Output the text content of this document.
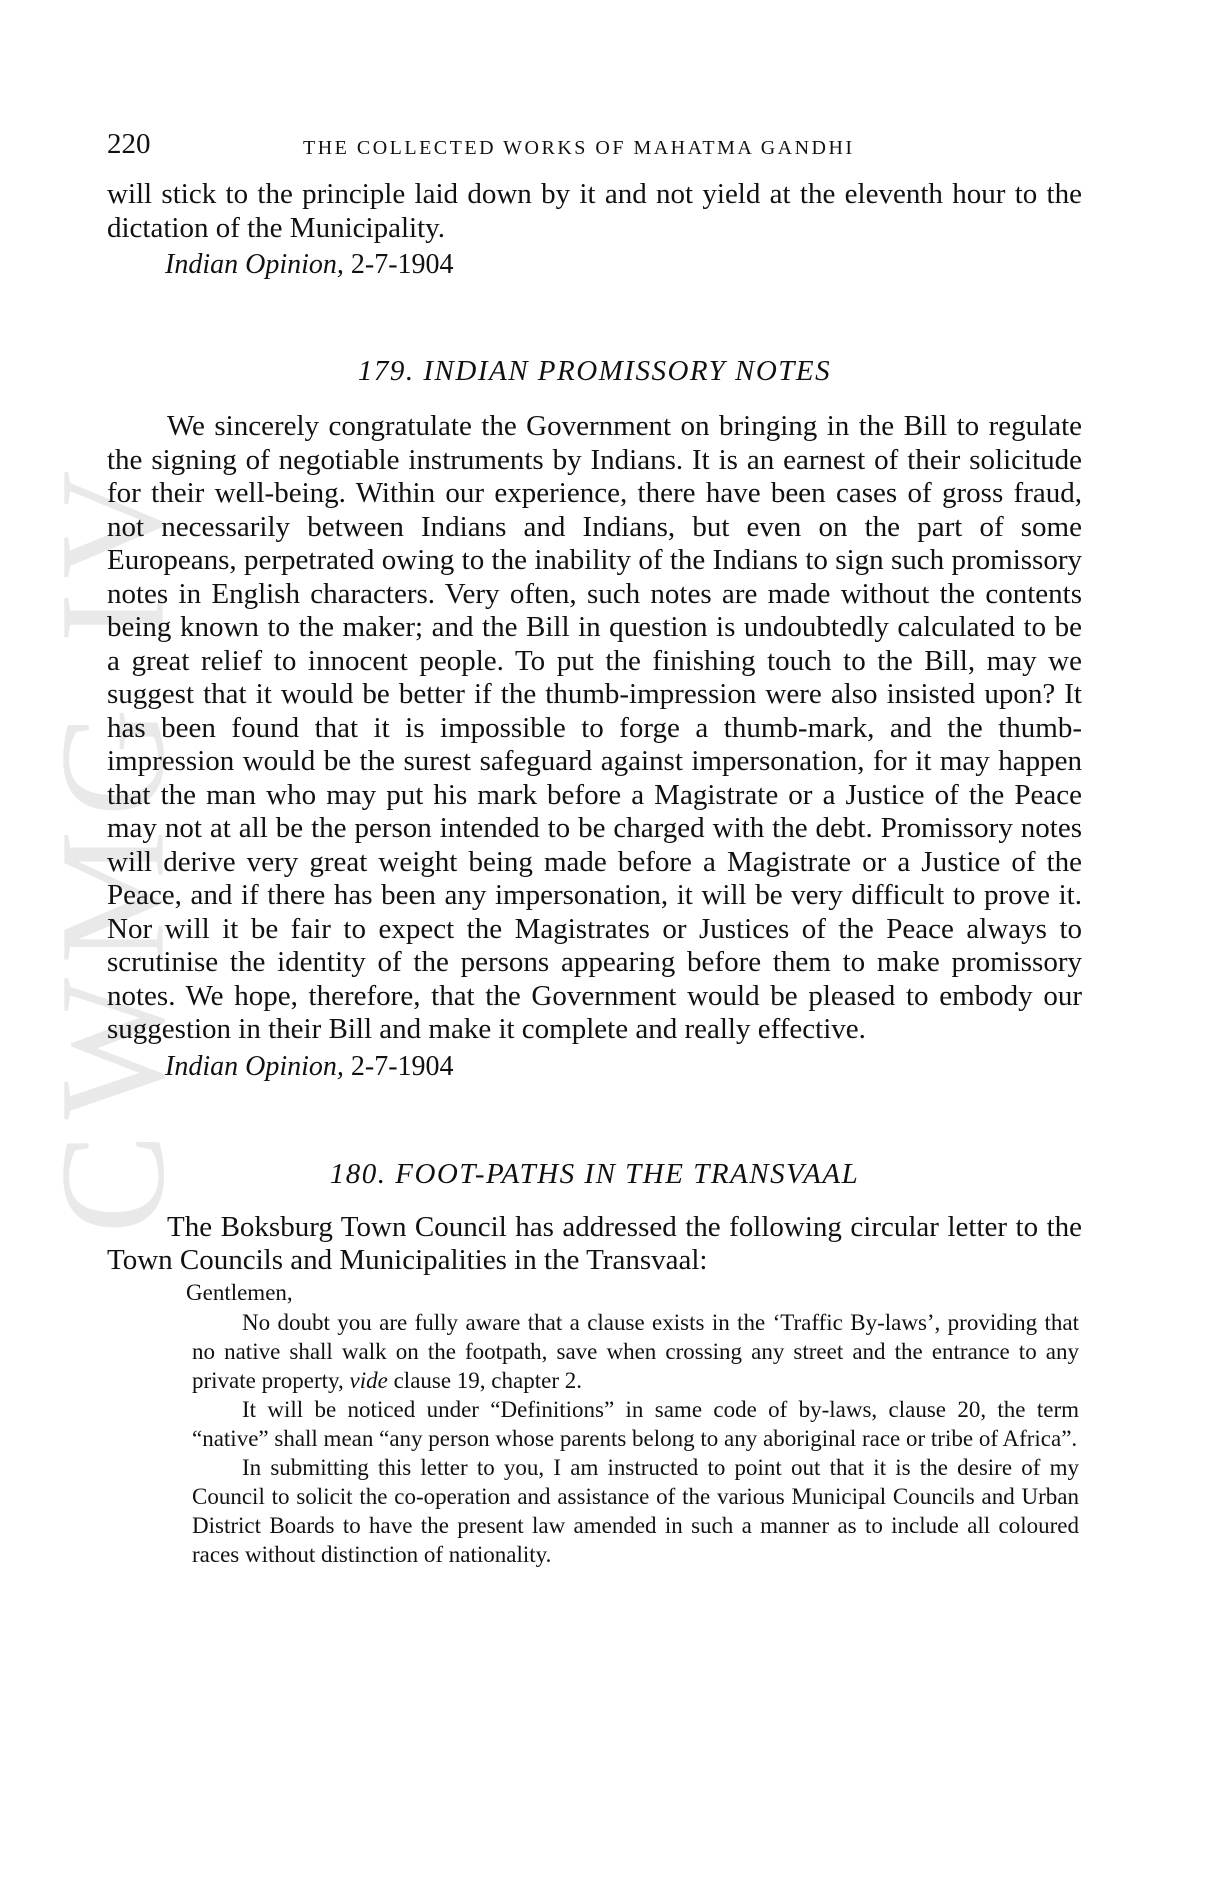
CWMG IV
220	THE COLLECTED WORKS OF MAHATMA GANDHI

will stick to the principle laid down by it and not yield at the eleventh hour to the dictation of the Municipality.

Indian Opinion, 2-7-1904

179. INDIAN PROMISSORY NOTES

We sincerely congratulate the Government on bringing in the Bill to regulate the signing of negotiable instruments by Indians. It is an earnest of their solicitude for their well-being. Within our experience, there have been cases of gross fraud, not necessarily between Indians and Indians, but even on the part of some Europeans, perpetrated owing to the inability of the Indians to sign such promissory notes in English characters. Very often, such notes are made without the contents being known to the maker; and the Bill in question is undoubtedly calculated to be a great relief to innocent people. To put the finishing touch to the Bill, may we suggest that it would be better if the thumb-impression were also insisted upon? It has been found that it is impossible to forge a thumb-mark, and the thumb-impression would be the surest safeguard against impersonation, for it may happen that the man who may put his mark before a Magistrate or a Justice of the Peace may not at all be the person intended to be charged with the debt. Promissory notes will derive very great weight being made before a Magistrate or a Justice of the Peace, and if there has been any impersonation, it will be very difficult to prove it. Nor will it be fair to expect the Magistrates or Justices of the Peace always to scrutinise the identity of the persons appearing before them to make promissory notes. We hope, therefore, that the Government would be pleased to embody our suggestion in their Bill and make it complete and really effective.

Indian Opinion, 2-7-1904

180. FOOT-PATHS IN THE TRANSVAAL

The Boksburg Town Council has addressed the following circular letter to the Town Councils and Municipalities in the Transvaal:

Gentlemen,

No doubt you are fully aware that a clause exists in the ‘Traffic By-laws’, providing that no native shall walk on the footpath, save when crossing any street and the entrance to any private property, vide clause 19, chapter 2.

It will be noticed under “Definitions” in same code of by-laws, clause 20, the term “native” shall mean “any person whose parents belong to any aboriginal race or tribe of Africa”.

In submitting this letter to you, I am instructed to point out that it is the desire of my Council to solicit the co-operation and assistance of the various Municipal Councils and Urban District Boards to have the present law amended in such a manner as to include all coloured races without distinction of nationality.
